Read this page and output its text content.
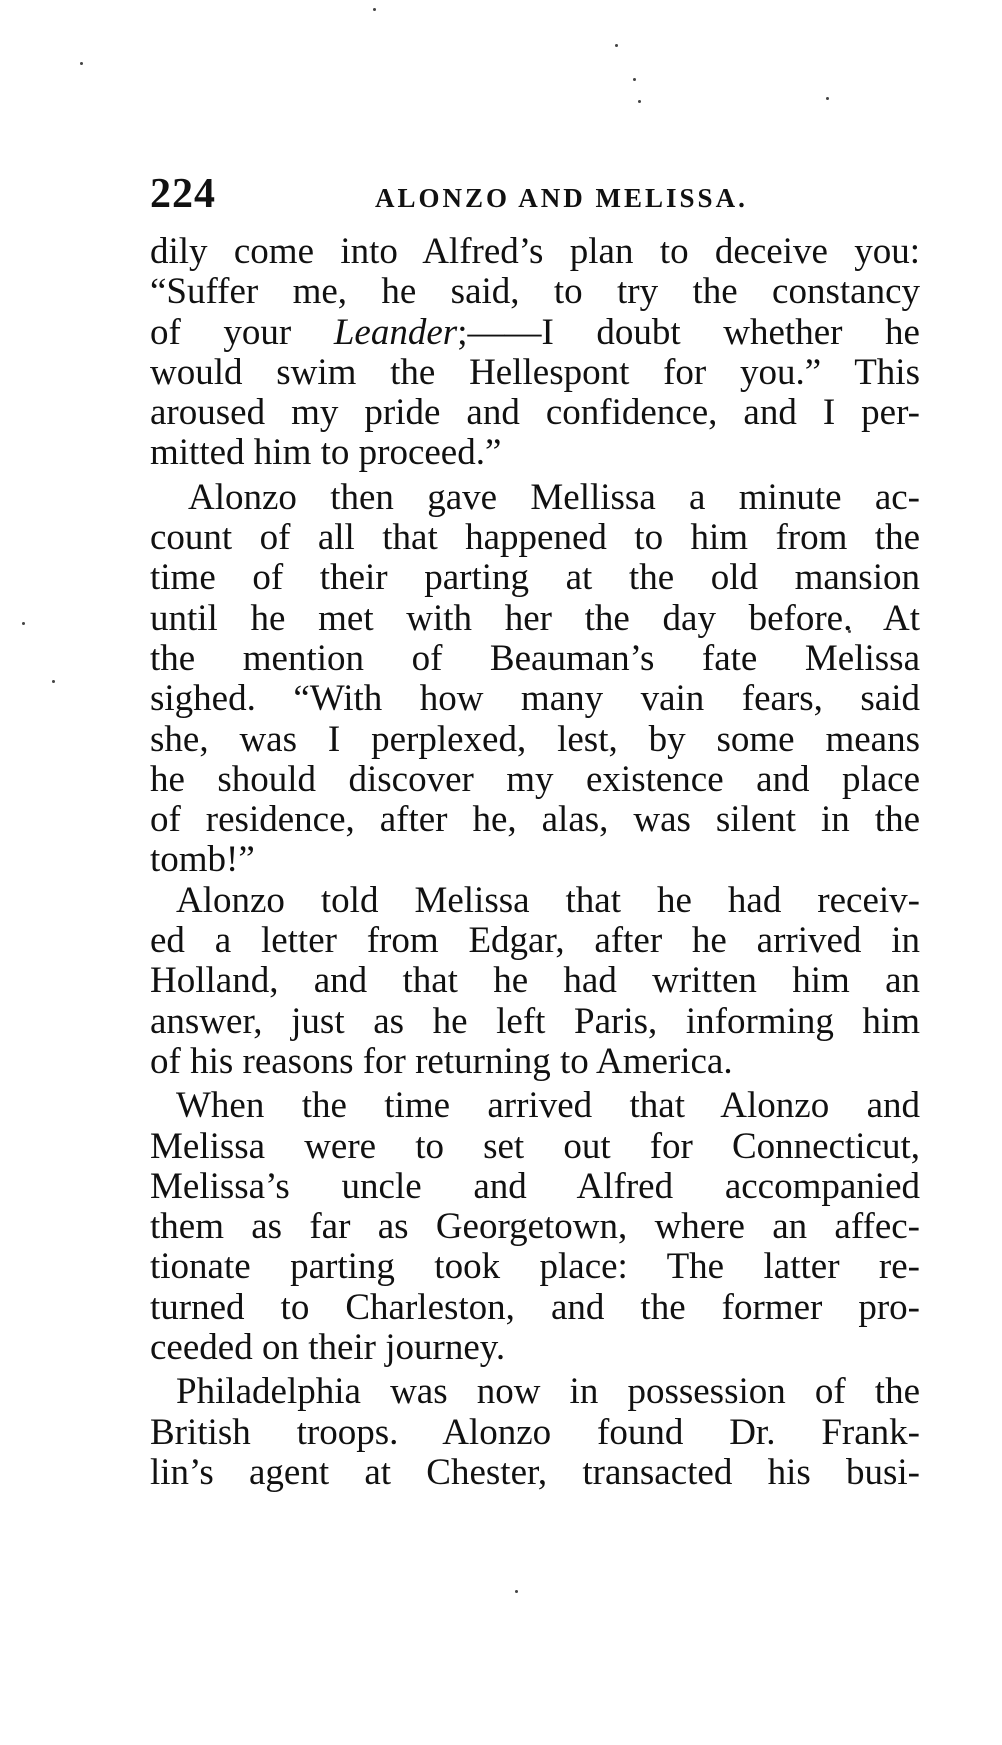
224	ALONZO AND MELISSA.
dily come into Alfred’s plan to deceive you:
“Suffer me, he said, to try the constancy
of your Leander;——I doubt whether he
would swim the Hellespont for you.” This
aroused my pride and confidence, and I per-
mitted him to proceed.”
Alonzo then gave Mellissa a minute ac-
count of all that happened to him from the
time of their parting at the old mansion
until he met with her the day before. At
the mention of Beauman’s fate Melissa
sighed. “With how many vain fears, said
she, was I perplexed, lest, by some means
he should discover my existence and place
of residence, after he, alas, was silent in the
tomb!”
Alonzo told Melissa that he had receiv-
ed a letter from Edgar, after he arrived in
Holland, and that he had written him an
answer, just as he left Paris, informing him
of his reasons for returning to America.
When the time arrived that Alonzo and
Melissa were to set out for Connecticut,
Melissa’s uncle and Alfred accompanied
them as far as Georgetown, where an affec-
tionate parting took place: The latter re-
turned to Charleston, and the former pro-
ceeded on their journey.
Philadelphia was now in possession of the
British troops. Alonzo found Dr. Frank-
lin’s agent at Chester, transacted his busi-
